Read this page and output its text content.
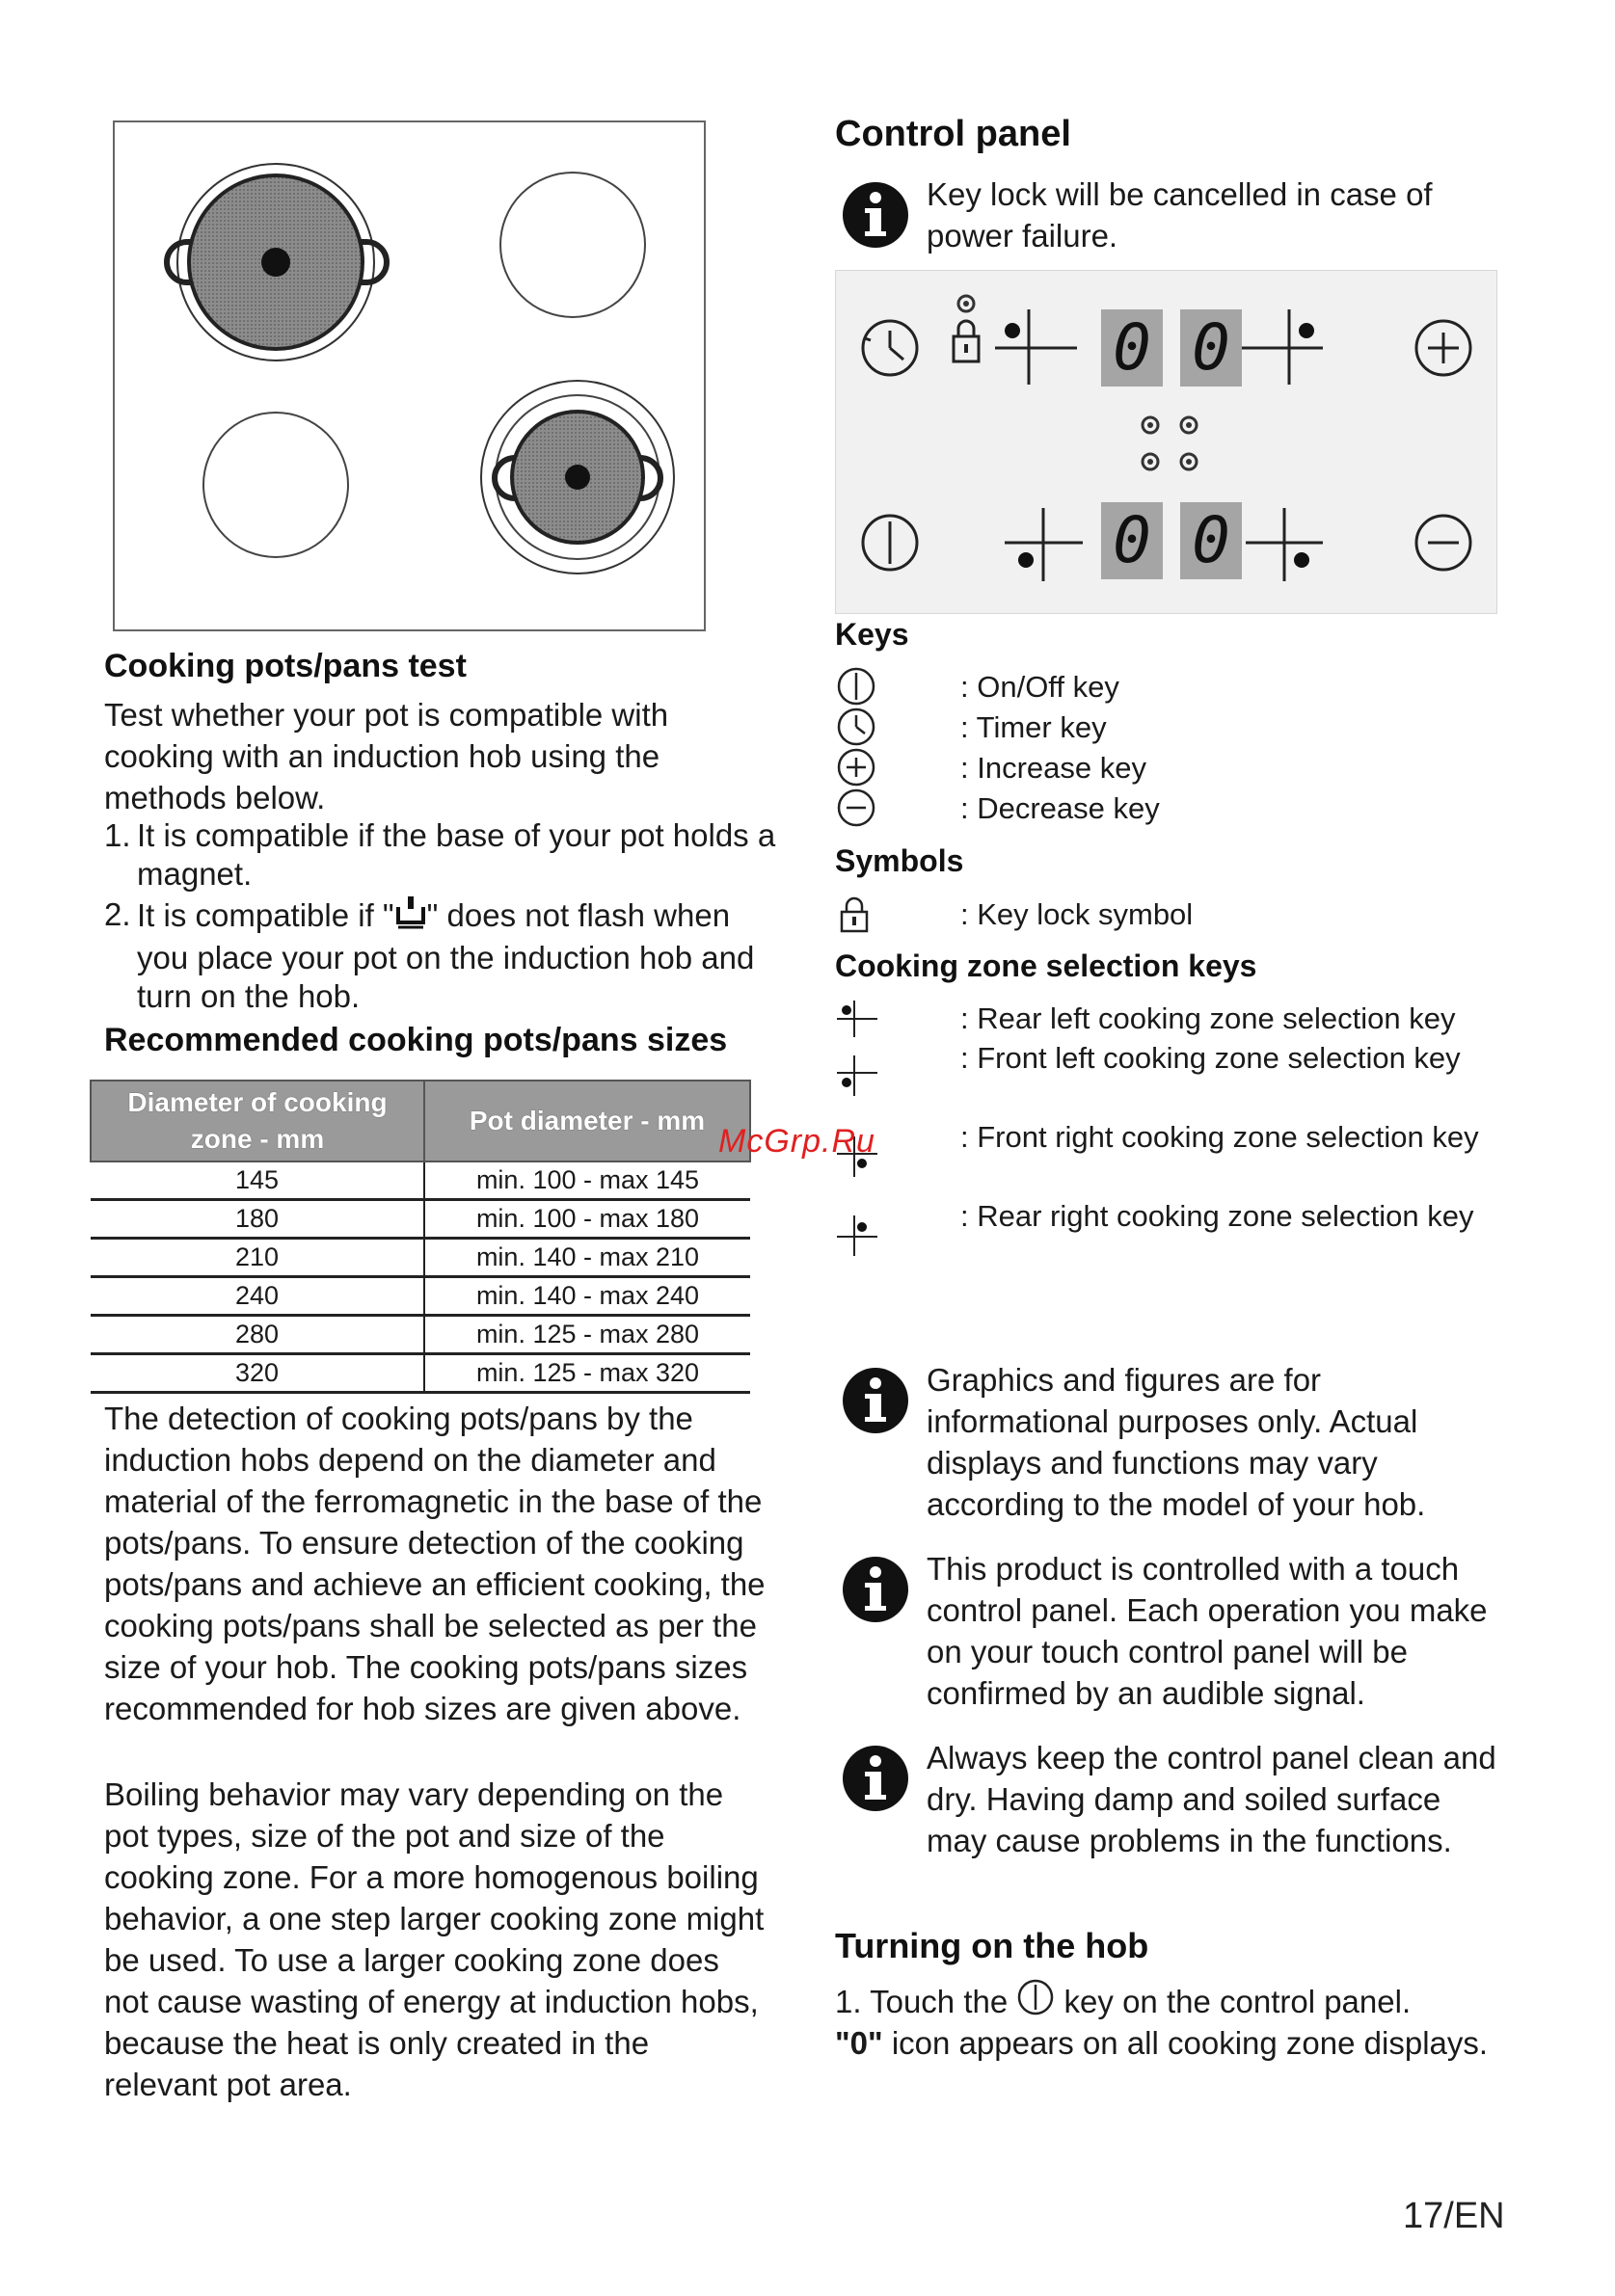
Cooking pots/pans test

Test whether your pot is compatible with cooking with an induction hob using the methods below.

1. It is compatible if the base of your pot holds a magnet.
2. It is compatible if " " does not flash when you place your pot on the induction hob and turn on the hob.
Recommended cooking pots/pans sizes
Diameter of cooking zone - mm	Pot diameter - mm
145	min. 100 - max 145
180	min. 100 - max 180
210	min. 140 - max 210
240	min. 140 - max 240
280	min. 125 - max 280
320	min. 125 - max 320

The detection of cooking pots/pans by the induction hobs depend on the diameter and material of the ferromagnetic in the base of the pots/pans. To ensure detection of the cooking pots/pans and achieve an efficient cooking, the cooking pots/pans shall be selected as per the size of your hob. The cooking pots/pans sizes recommended for hob sizes are given above.

Boiling behavior may vary depending on the pot types, size of the pot and size of the cooking zone. For a more homogenous boiling behavior, a one step larger cooking zone might be used. To use a larger cooking zone does not cause wasting of energy at induction hobs, because the heat is only created in the relevant pot area.

Control panel

Key lock will be cancelled in case of power failure.

0 0
0 0
Keys
: On/Off key
: Timer key
: Increase key
: Decrease key
Symbols
: Key lock symbol
Cooking zone selection keys
: Rear left cooking zone selection key
: Front left cooking zone selection key
: Front right cooking zone selection key
: Rear right cooking zone selection key

Graphics and figures are for informational purposes only. Actual displays and functions may vary according to the model of your hob.

This product is controlled with a touch control panel. Each operation you make on your touch control panel will be confirmed by an audible signal.

Always keep the control panel clean and dry. Having damp and soiled surface may cause problems in the functions.

Turning on the hob

1. Touch the key on the control panel.

"0" icon appears on all cooking zone displays.

McGrp.Ru
17/EN
